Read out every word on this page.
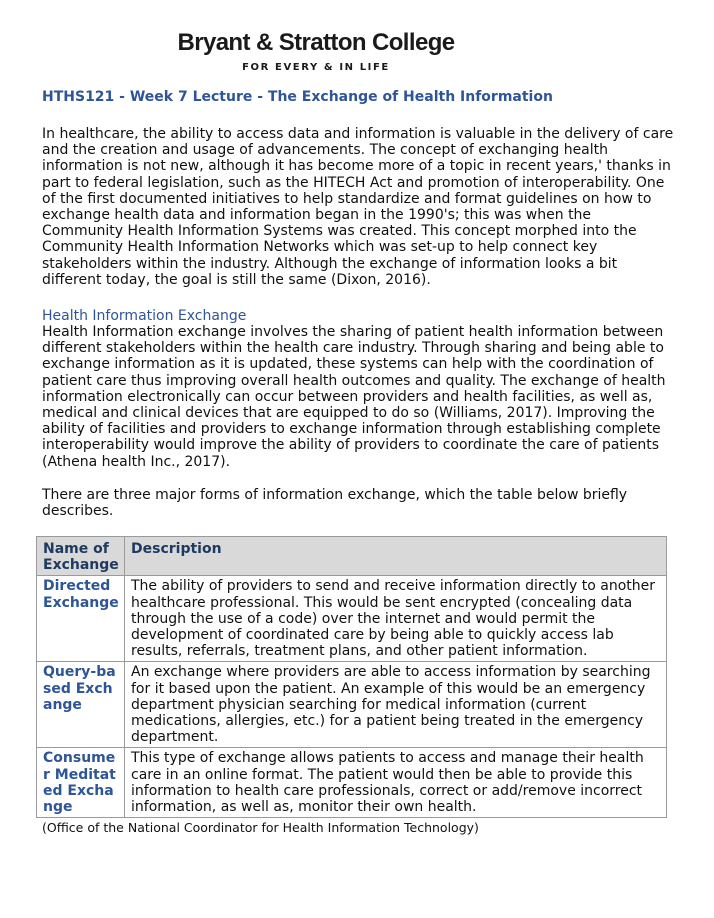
Bryant & Stratton College
FOR EVERY & IN LIFE
HTHS121 - Week 7 Lecture - The Exchange of Health Information

In healthcare, the ability to access data and information is valuable in the delivery of care and the creation and usage of advancements. The concept of exchanging health information is not new, although it has become more of a topic in recent years,' thanks in part to federal legislation, such as the HITECH Act and promotion of interoperability. One of the first documented initiatives to help standardize and format guidelines on how to exchange health data and information began in the 1990's; this was when the Community Health Information Systems was created. This concept morphed into the Community Health Information Networks which was set-up to help connect key stakeholders within the industry. Although the exchange of information looks a bit different today, the goal is still the same (Dixon, 2016).

Health Information Exchange

Health Information exchange involves the sharing of patient health information between different stakeholders within the health care industry. Through sharing and being able to exchange information as it is updated, these systems can help with the coordination of patient care thus improving overall health outcomes and quality. The exchange of health information electronically can occur between providers and health facilities, as well as, medical and clinical devices that are equipped to do so (Williams, 2017). Improving the ability of facilities and providers to exchange information through establishing complete interoperability would improve the ability of providers to coordinate the care of patients (Athena health Inc., 2017).

There are three major forms of information exchange, which the table below briefly describes.

Name of Exchange	Description
Directed Exchange	The ability of providers to send and receive information directly to another healthcare professional. This would be sent encrypted (concealing data through the use of a code) over the internet and would permit the development of coordinated care by being able to quickly access lab results, referrals, treatment plans, and other patient information.
Query-based Exchange	An exchange where providers are able to access information by searching for it based upon the patient. An example of this would be an emergency department physician searching for medical information (current medications, allergies, etc.) for a patient being treated in the emergency department.
Consumer Meditated Exchange	This type of exchange allows patients to access and manage their health care in an online format. The patient would then be able to provide this information to health care professionals, correct or add/remove incorrect information, as well as, monitor their own health.
(Office of the National Coordinator for Health Information Technology)
